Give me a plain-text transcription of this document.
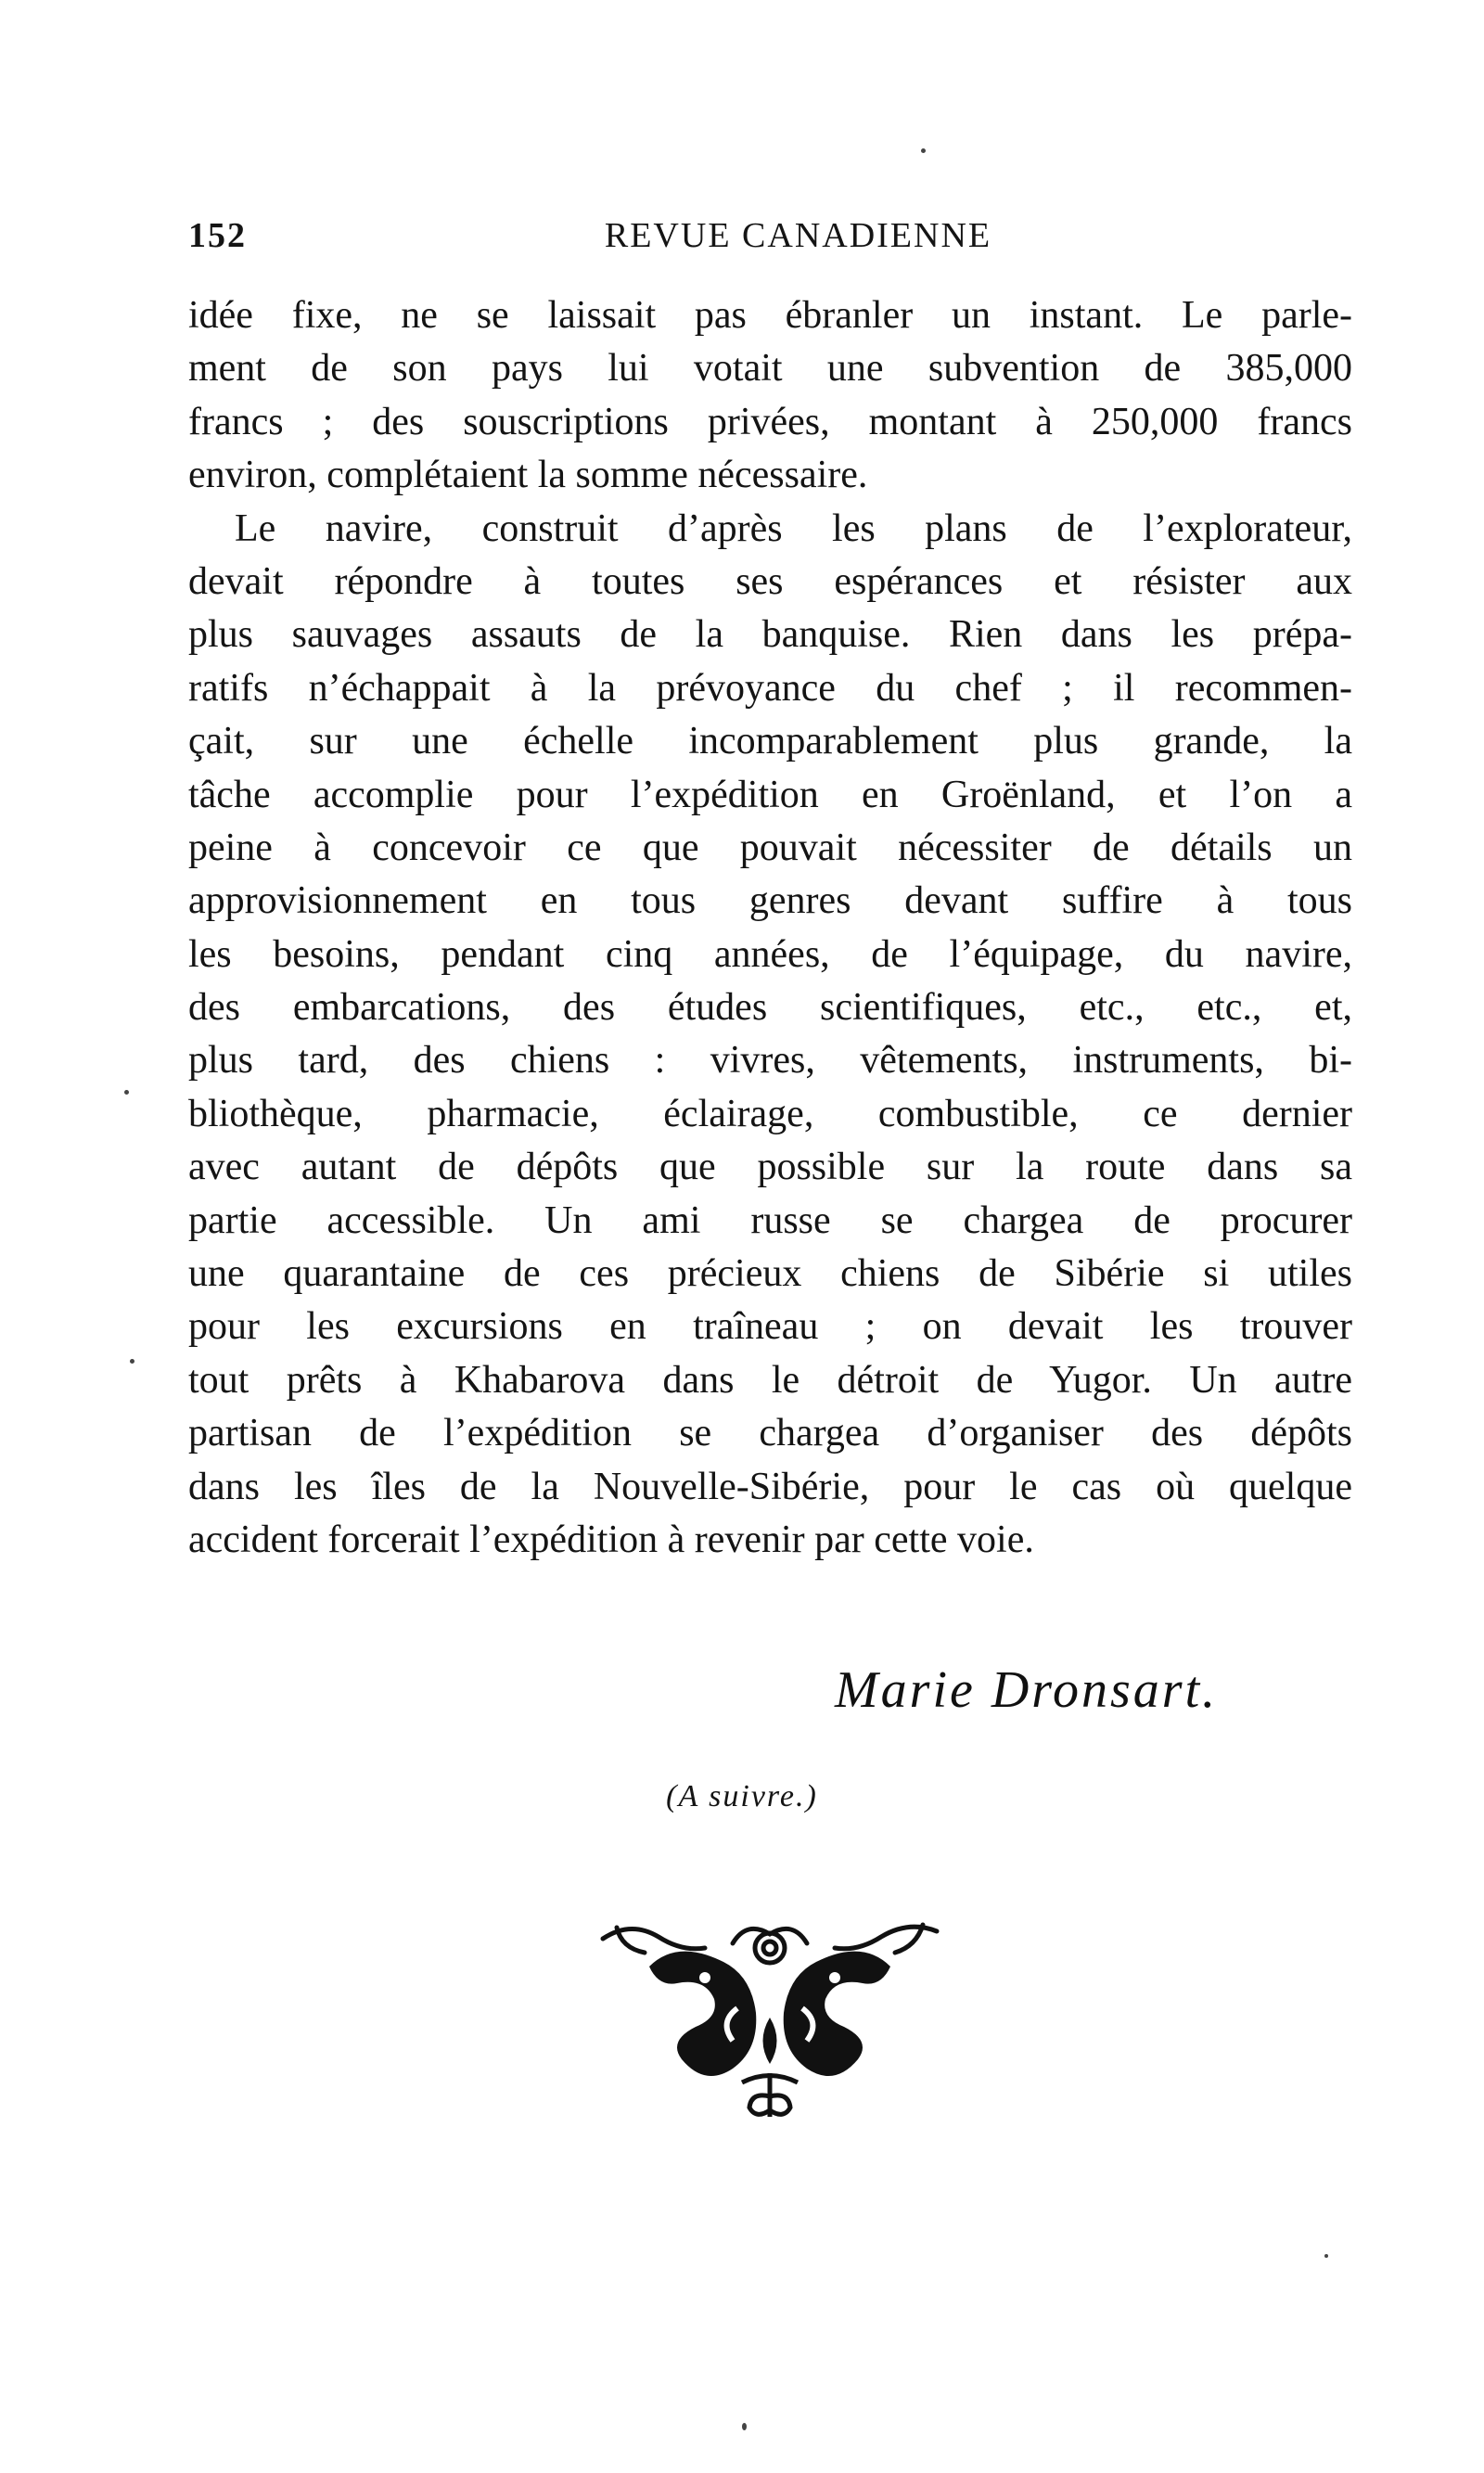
152	REVUE CANADIENNE
idée fixe, ne se laissait pas ébranler un instant. Le parle-
ment de son pays lui votait une subvention de 385,000
francs ; des souscriptions privées, montant à 250,000 francs
environ, complétaient la somme nécessaire.
Le navire, construit d’après les plans de l’explorateur,
devait répondre à toutes ses espérances et résister aux
plus sauvages assauts de la banquise. Rien dans les prépa-
ratifs n’échappait à la prévoyance du chef ; il recommen-
çait, sur une échelle incomparablement plus grande, la
tâche accomplie pour l’expédition en Groënland, et l’on a
peine à concevoir ce que pouvait nécessiter de détails un
approvisionnement en tous genres devant suffire à tous
les besoins, pendant cinq années, de l’équipage, du navire,
des embarcations, des études scientifiques, etc., etc., et,
plus tard, des chiens : vivres, vêtements, instruments, bi-
bliothèque, pharmacie, éclairage, combustible, ce dernier
avec autant de dépôts que possible sur la route dans sa
partie accessible. Un ami russe se chargea de procurer
une quarantaine de ces précieux chiens de Sibérie si utiles
pour les excursions en traîneau ; on devait les trouver
tout prêts à Khabarova dans le détroit de Yugor. Un autre
partisan de l’expédition se chargea d’organiser des dépôts
dans les îles de la Nouvelle-Sibérie, pour le cas où quelque
accident forcerait l’expédition à revenir par cette voie.
Marie Dronsart.
(A suivre.)
